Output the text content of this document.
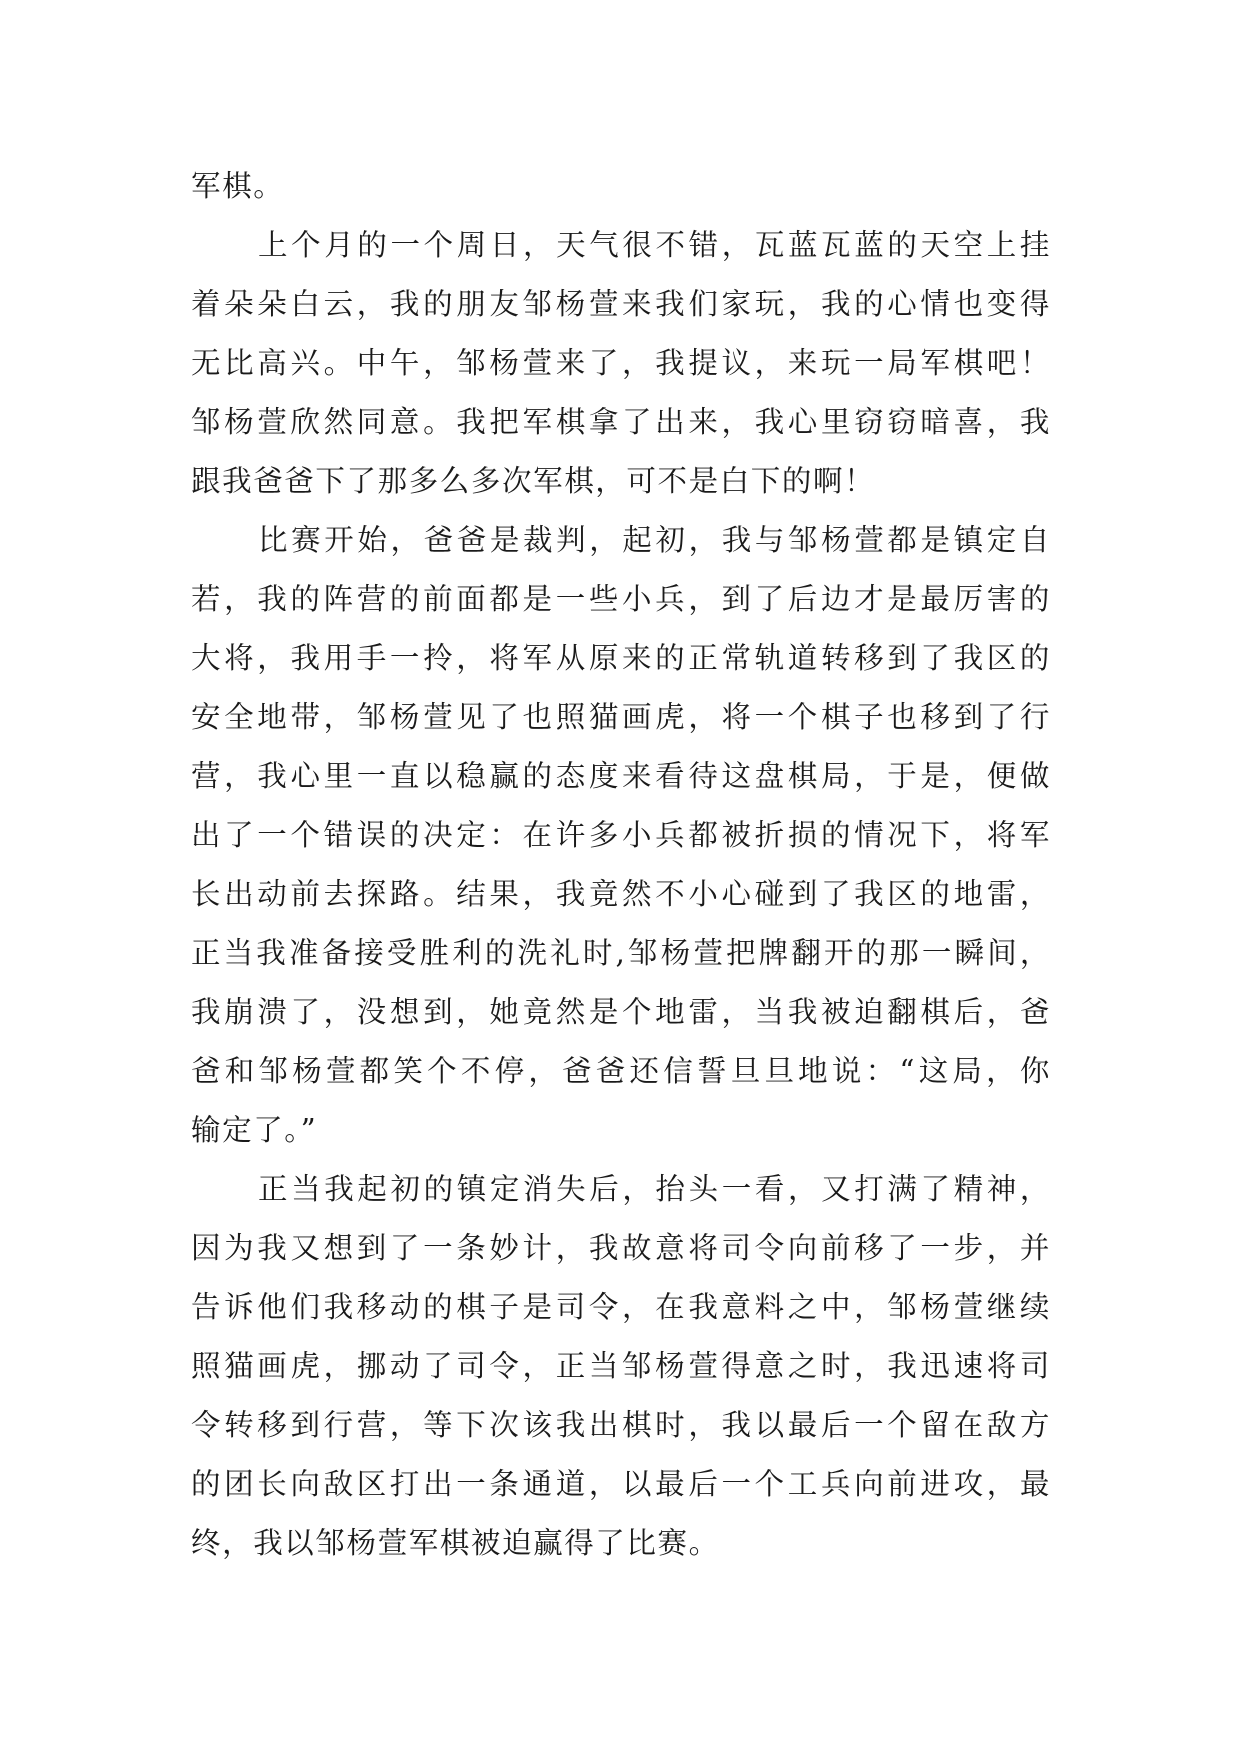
军棋。
上个月的一个周日，天气很不错，瓦蓝瓦蓝的天空上挂
着朵朵白云，我的朋友邹杨萱来我们家玩，我的心情也变得
无比高兴。中午，邹杨萱来了，我提议，来玩一局军棋吧！
邹杨萱欣然同意。我把军棋拿了出来，我心里窃窃暗喜，我
跟我爸爸下了那多么多次军棋，可不是白下的啊！
比赛开始，爸爸是裁判，起初，我与邹杨萱都是镇定自
若，我的阵营的前面都是一些小兵，到了后边才是最厉害的
大将，我用手一拎，将军从原来的正常轨道转移到了我区的
安全地带，邹杨萱见了也照猫画虎，将一个棋子也移到了行
营，我心里一直以稳赢的态度来看待这盘棋局，于是，便做
出了一个错误的决定：在许多小兵都被折损的情况下，将军
长出动前去探路。结果，我竟然不小心碰到了我区的地雷，
正当我准备接受胜利的洗礼时,邹杨萱把牌翻开的那一瞬间，
我崩溃了，没想到，她竟然是个地雷，当我被迫翻棋后，爸
爸和邹杨萱都笑个不停，爸爸还信誓旦旦地说：“这局，你
输定了。”
正当我起初的镇定消失后，抬头一看，又打满了精神，
因为我又想到了一条妙计，我故意将司令向前移了一步，并
告诉他们我移动的棋子是司令，在我意料之中，邹杨萱继续
照猫画虎，挪动了司令，正当邹杨萱得意之时，我迅速将司
令转移到行营，等下次该我出棋时，我以最后一个留在敌方
的团长向敌区打出一条通道，以最后一个工兵向前进攻，最
终，我以邹杨萱军棋被迫赢得了比赛。
